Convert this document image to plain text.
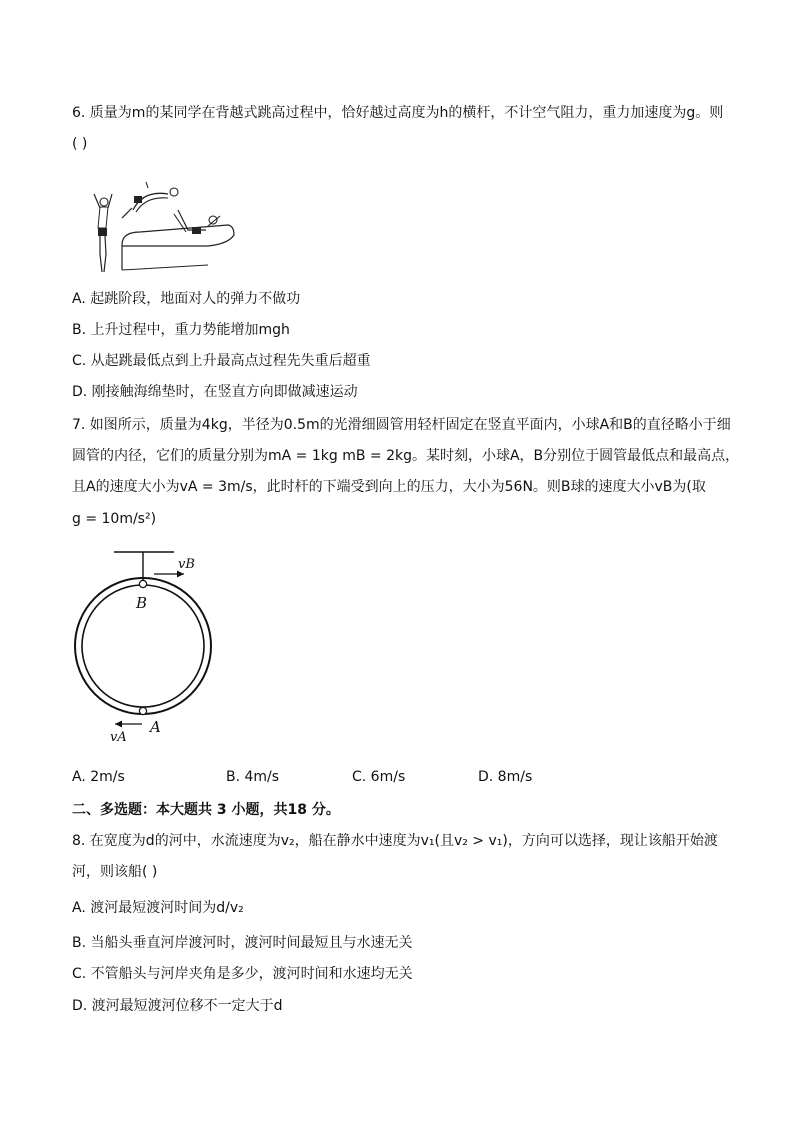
6. 质量为m的某同学在背越式跳高过程中，恰好越过高度为h的横杆，不计空气阻力，重力加速度为g。则
( )
A. 起跳阶段，地面对人的弹力不做功
B. 上升过程中，重力势能增加mgh
C. 从起跳最低点到上升最高点过程先失重后超重
D. 刚接触海绵垫时，在竖直方向即做减速运动
7. 如图所示，质量为4kg，半径为0.5m的光滑细圆管用轻杆固定在竖直平面内，小球A和B的直径略小于细
圆管的内径，它们的质量分别为mA = 1kg mB = 2kg。某时刻，小球A，B分别位于圆管最低点和最高点，
且A的速度大小为vA = 3m/s，此时杆的下端受到向上的压力，大小为56N。则B球的速度大小vB为(取
g = 10m/s²)
vB
B
A
vA
A. 2m/s	B. 4m/s	C. 6m/s	D. 8m/s
二、多选题：本大题共 3 小题，共18 分。
8. 在宽度为d的河中，水流速度为v₂，船在静水中速度为v₁(且v₂ > v₁)，方向可以选择，现让该船开始渡
河，则该船( )
A. 渡河最短渡河时间为d/v₂
B. 当船头垂直河岸渡河时，渡河时间最短且与水速无关
C. 不管船头与河岸夹角是多少，渡河时间和水速均无关
D. 渡河最短渡河位移不一定大于d
